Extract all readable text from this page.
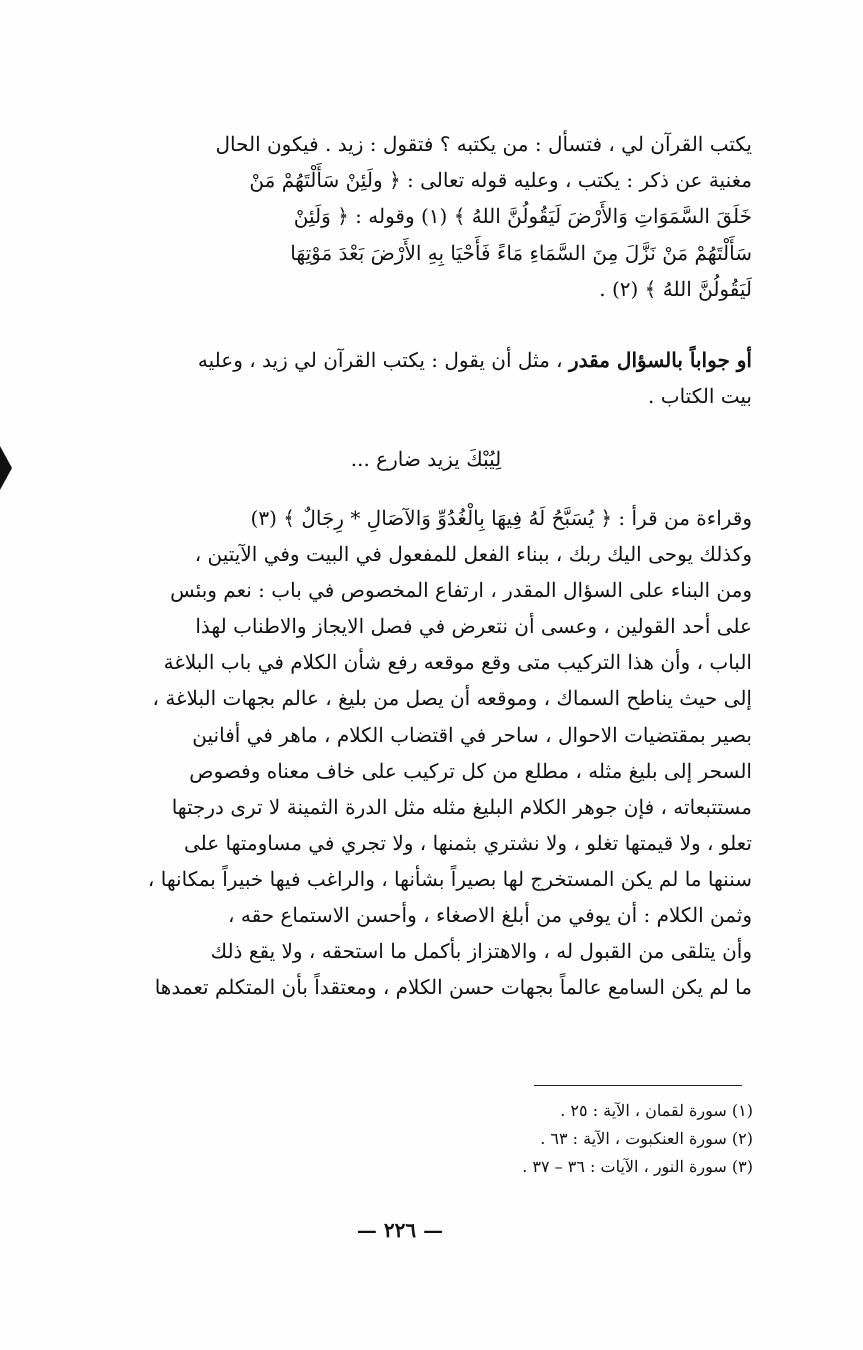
يكتب القرآن لي ، فتسأل : من يكتبه ؟ فتقول : زيد . فيكون الحال
مغنية عن ذكر : يكتب ، وعليه قوله تعالى : ﴿ ولَئِنْ سَأَلْتَهُمْ مَنْ
خَلَقَ السَّمَوَاتِ وَالأَرْضَ لَيَقُولُنَّ اللهُ ﴾ (١) وقوله : ﴿ وَلَئِنْ
سَأَلْتَهُمْ مَنْ نَزَّلَ مِنَ السَّمَاءِ مَاءً فَأَحْيَا بِهِ الأَرْضَ بَعْدَ مَوْتِهَا
لَيَقُولُنَّ اللهُ ﴾ (٢) .
أو جواباً بالسؤال مقدر ، مثل أن يقول : يكتب القرآن لي زيد ، وعليه
بيت الكتاب .
لِيُبْكَ يزيد ضارع ...
وقراءة من قرأ : ﴿ يُسَبَّحُ لَهُ فِيهَا بِالْغُدُوِّ وَالآصَالِ * رِجَالٌ ﴾ (٣)
وكذلك يوحى اليك ربك ، ببناء الفعل للمفعول في البيت وفي الآيتين ،
ومن البناء على السؤال المقدر ، ارتفاع المخصوص في باب : نعم وبئس
على أحد القولين ، وعسى أن نتعرض في فصل الايجاز والاطناب لهذا
الباب ، وأن هذا التركيب متى وقع موقعه رفع شأن الكلام في باب البلاغة
إلى حيث يناطح السماك ، وموقعه أن يصل من بليغ ، عالم بجهات البلاغة ،
بصير بمقتضيات الاحوال ، ساحر في اقتضاب الكلام ، ماهر في أفانين
السحر إلى بليغ مثله ، مطلع من كل تركيب على خاف معناه وفصوص
مستتبعاته ، فإن جوهر الكلام البليغ مثله مثل الدرة الثمينة لا ترى درجتها
تعلو ، ولا قيمتها تغلو ، ولا نشتري بثمنها ، ولا تجري في مساومتها على
سننها ما لم يكن المستخرج لها بصيراً بشأنها ، والراغب فيها خبيراً بمكانها ،
وثمن الكلام : أن يوفي من أبلغ الاصغاء ، وأحسن الاستماع حقه ،
وأن يتلقى من القبول له ، والاهتزاز بأكمل ما استحقه ، ولا يقع ذلك
ما لم يكن السامع عالماً بجهات حسن الكلام ، ومعتقداً بأن المتكلم تعمدها
(١) سورة لقمان ، الآية : ٢٥ .
(٢) سورة العنكبوت ، الآية : ٦٣ .
(٣) سورة النور ، الآيات : ٣٦ – ٣٧ .
— ٢٢٦ —
